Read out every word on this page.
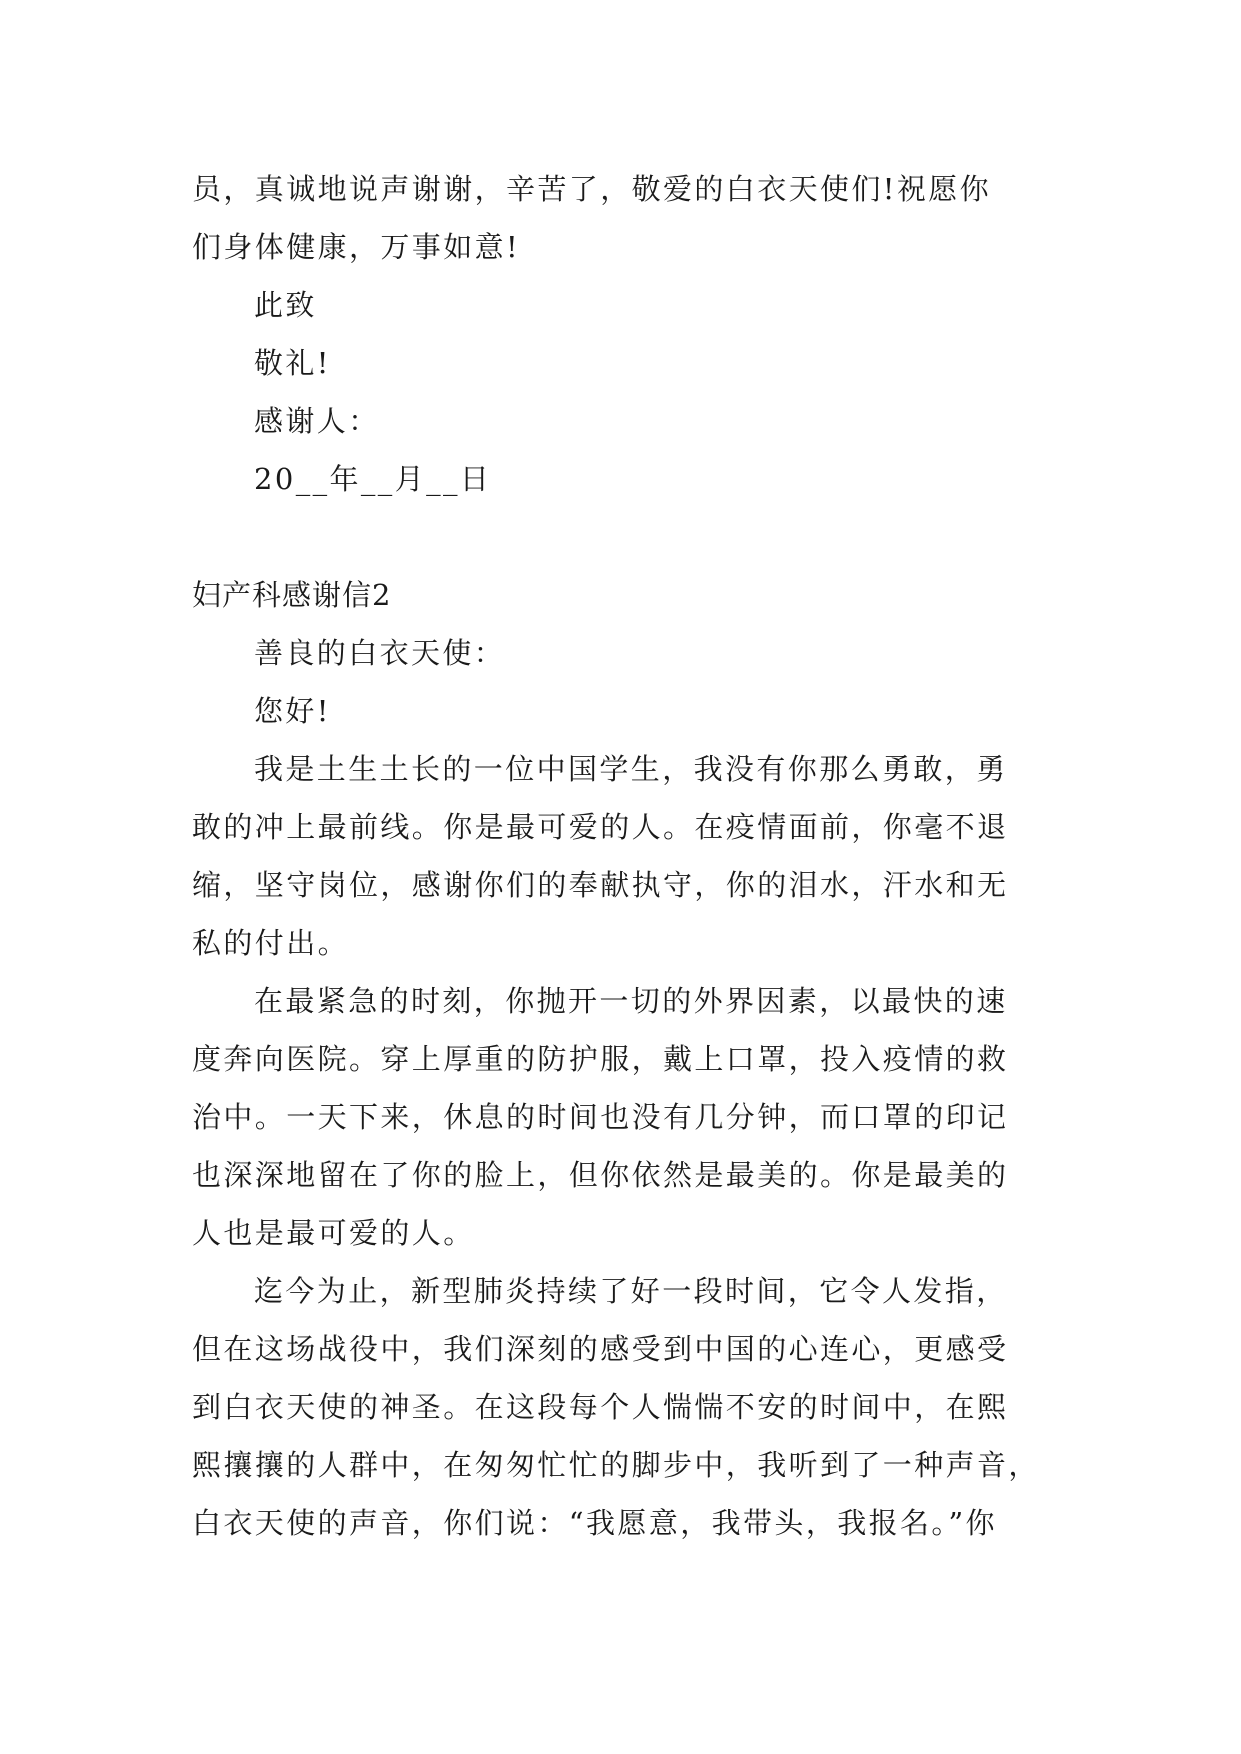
员，真诚地说声谢谢，辛苦了，敬爱的白衣天使们!祝愿你
们身体健康，万事如意!
此致
敬礼!
感谢人：
20__年__月__日
妇产科感谢信2
善良的白衣天使：
您好!
我是土生土长的一位中国学生，我没有你那么勇敢，勇
敢的冲上最前线。你是最可爱的人。在疫情面前，你毫不退
缩，坚守岗位，感谢你们的奉献执守，你的泪水，汗水和无
私的付出。
在最紧急的时刻，你抛开一切的外界因素，以最快的速
度奔向医院。穿上厚重的防护服，戴上口罩，投入疫情的救
治中。一天下来，休息的时间也没有几分钟，而口罩的印记
也深深地留在了你的脸上，但你依然是最美的。你是最美的
人也是最可爱的人。
迄今为止，新型肺炎持续了好一段时间，它令人发指，
但在这场战役中，我们深刻的感受到中国的心连心，更感受
到白衣天使的神圣。在这段每个人惴惴不安的时间中，在熙
熙攘攘的人群中，在匆匆忙忙的脚步中，我听到了一种声音，
白衣天使的声音，你们说：“我愿意，我带头，我报名。”你
